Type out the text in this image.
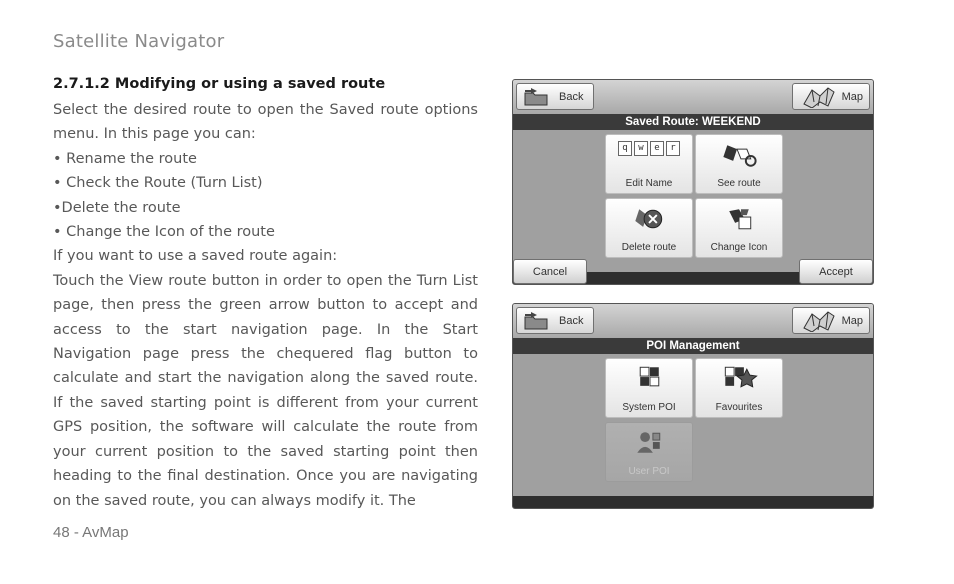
Satellite Navigator
2.7.1.2 Modifying or using a saved route

Select the desired route to open the Saved route options menu. In this page you can:

• Rename the route

• Check the Route (Turn List)

•Delete the route

• Change the Icon of the route

If you want to use a saved route again:

Touch the View route button in order to open the Turn List page, then press the green arrow button to accept and access to the start navigation page. In the Start Navigation page press the chequered flag button to calculate and start the navigation along the saved route. If the saved starting point is different from your current GPS position, the software will calculate the route from your current position to the saved starting point then heading to the final destination. Once you are navigating on the saved route, you can always modify it. The

48 - AvMap
Back	Map
Saved Route: WEEKEND
q w e r
Edit Name	See route
Delete route	Change Icon
Cancel	Accept
Back	Map
POI Management
System POI	Favourites
User POI
